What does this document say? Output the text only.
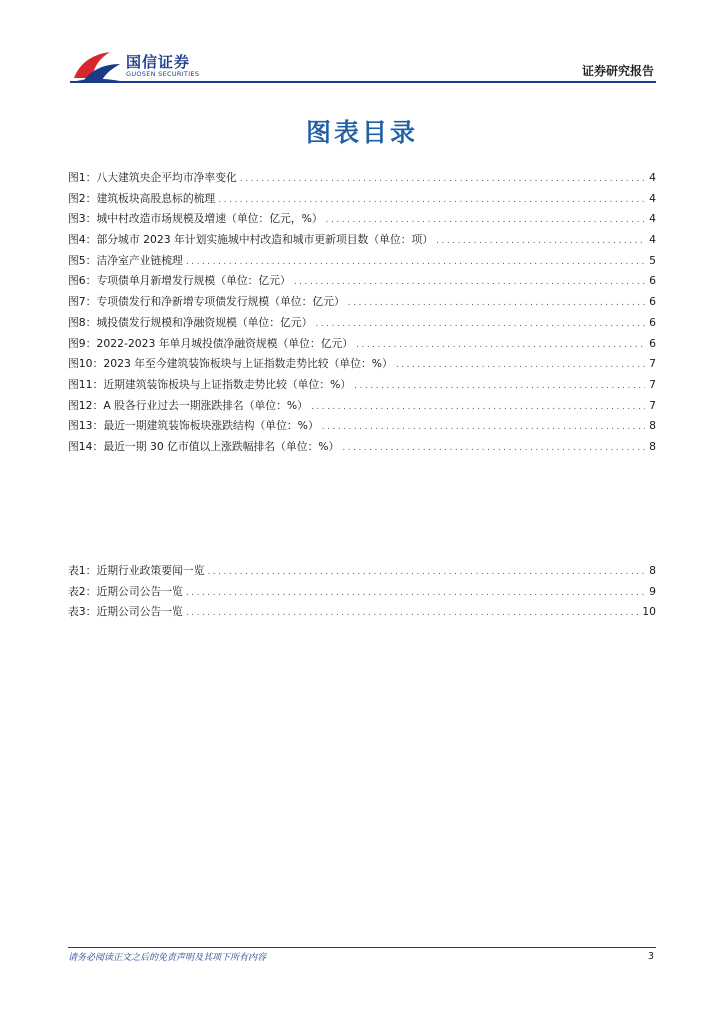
国信证券
GUOSEN SECURITIES	证券研究报告
图表目录
图1： 八大建筑央企平均市净率变化 .....	4
图2： 建筑板块高股息标的梳理 .....	4
图3： 城中村改造市场规模及增速（单位：亿元，%） .....	4
图4： 部分城市 2023 年计划实施城中村改造和城市更新项目数（单位：项） .....	4
图5： 洁净室产业链梳理 .....	5
图6： 专项债单月新增发行规模（单位：亿元） .....	6
图7： 专项债发行和净新增专项债发行规模（单位：亿元） .....	6
图8： 城投债发行规模和净融资规模（单位：亿元） .....	6
图9： 2022-2023 年单月城投债净融资规模（单位：亿元） .....	6
图10： 2023 年至今建筑装饰板块与上证指数走势比较（单位：%） .....	7
图11： 近期建筑装饰板块与上证指数走势比较（单位：%） .....	7
图12： A 股各行业过去一期涨跌排名（单位：%） .....	7
图13： 最近一期建筑装饰板块涨跌结构（单位：%） .....	8
图14： 最近一期 30 亿市值以上涨跌幅排名（单位：%） .....	8
表1： 近期行业政策要闻一览 .....	8
表2： 近期公司公告一览 .....	9
表3： 近期公司公告一览 .....	10
请务必阅读正文之后的免责声明及其项下所有内容	3
